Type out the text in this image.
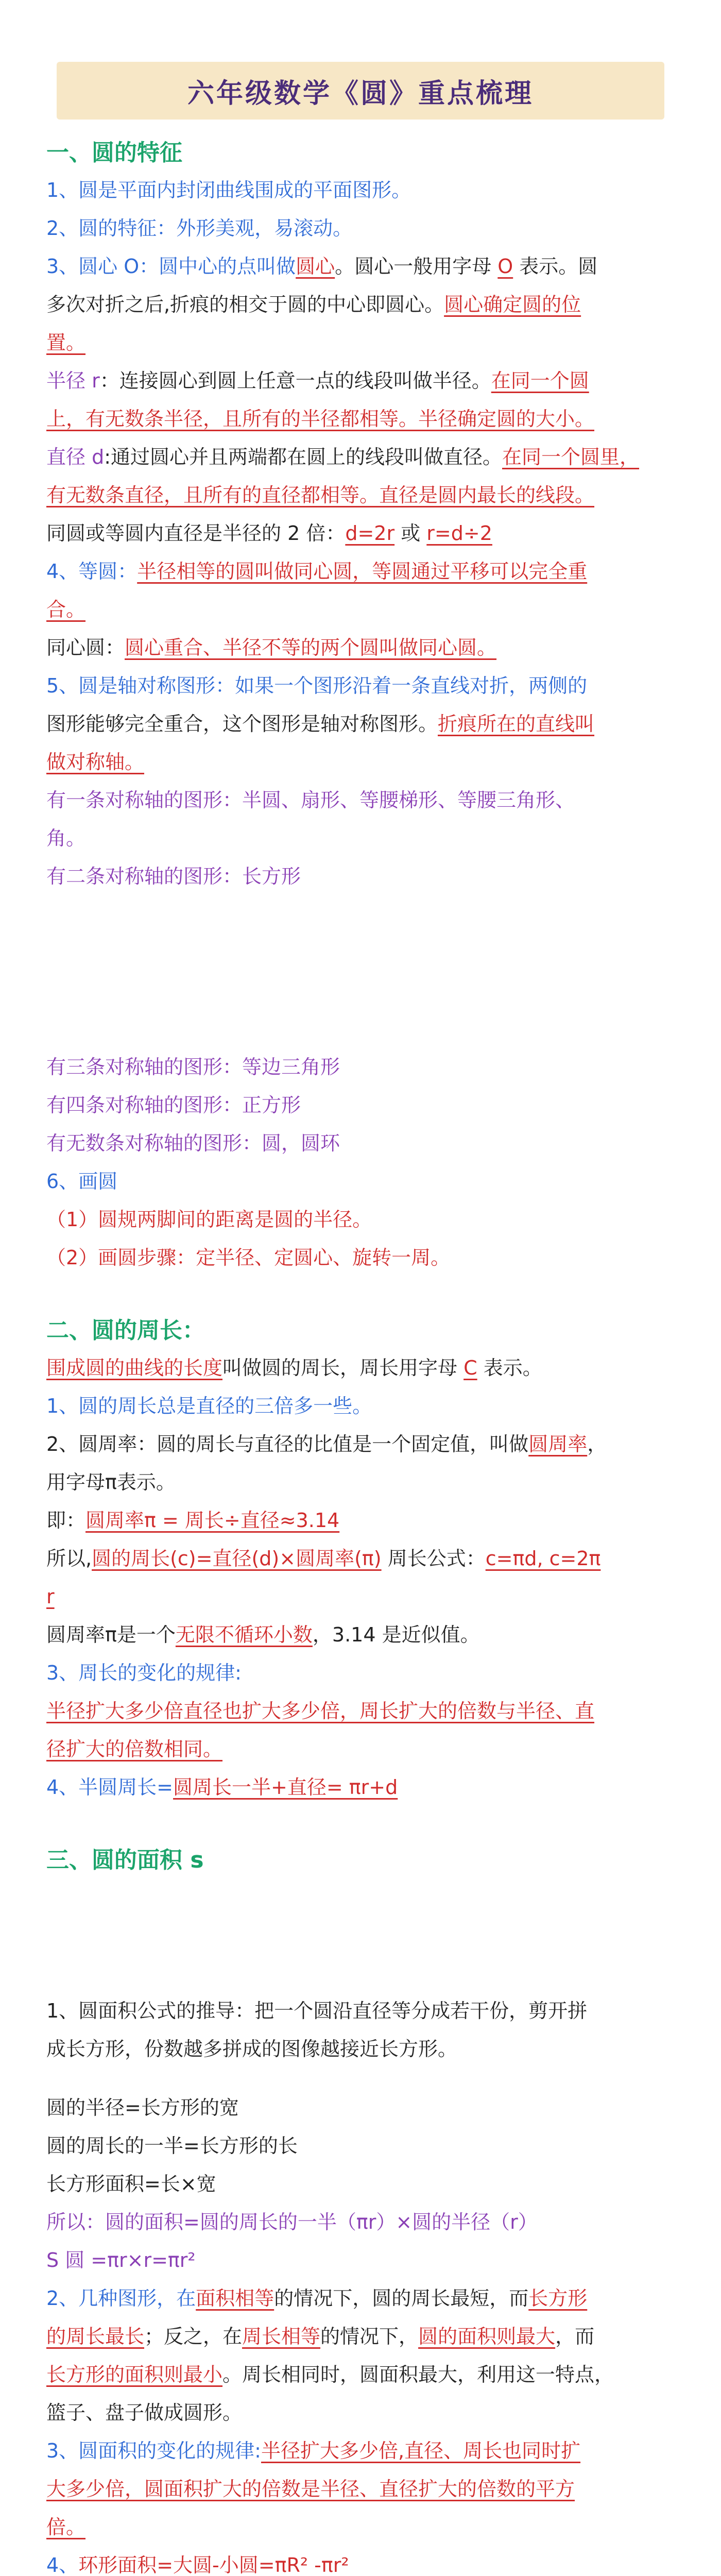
六年级数学《圆》重点梳理
一、圆的特征

1、圆是平面内封闭曲线围成的平面图形。

2、圆的特征：外形美观，易滚动。

3、圆心 O：圆中心的点叫做圆心。圆心一般用字母 O 表示。圆

多次对折之后,折痕的相交于圆的中心即圆心。圆心确定圆的位

置。

半径 r：连接圆心到圆上任意一点的线段叫做半径。在同一个圆

上，有无数条半径，且所有的半径都相等。半径确定圆的大小。

直径 d:通过圆心并且两端都在圆上的线段叫做直径。在同一个圆里，

有无数条直径，且所有的直径都相等。直径是圆内最长的线段。

同圆或等圆内直径是半径的 2 倍：d=2r 或 r=d÷2

4、等圆：半径相等的圆叫做同心圆，等圆通过平移可以完全重

合。

同心圆：圆心重合、半径不等的两个圆叫做同心圆。

5、圆是轴对称图形：如果一个图形沿着一条直线对折，两侧的

图形能够完全重合，这个图形是轴对称图形。折痕所在的直线叫

做对称轴。

有一条对称轴的图形：半圆、扇形、等腰梯形、等腰三角形、

角。

有二条对称轴的图形：长方形

有三条对称轴的图形：等边三角形

有四条对称轴的图形：正方形

有无数条对称轴的图形：圆，圆环

6、画圆

（1）圆规两脚间的距离是圆的半径。

（2）画圆步骤：定半径、定圆心、旋转一周。

二、圆的周长：

围成圆的曲线的长度叫做圆的周长，周长用字母 C 表示。

1、圆的周长总是直径的三倍多一些。

2、圆周率：圆的周长与直径的比值是一个固定值，叫做圆周率，

用字母π表示。

即：圆周率π = 周长÷直径≈3.14

所以,圆的周长(c)=直径(d)×圆周率(π) 周长公式：c=πd, c=2π

r

圆周率π是一个无限不循环小数，3.14 是近似值。

3、周长的变化的规律:

半径扩大多少倍直径也扩大多少倍，周长扩大的倍数与半径、直

径扩大的倍数相同。

4、半圆周长=圆周长一半+直径= πr+d

三、圆的面积 s

1、圆面积公式的推导：把一个圆沿直径等分成若干份，剪开拼

成长方形，份数越多拼成的图像越接近长方形。

圆的半径=长方形的宽

圆的周长的一半=长方形的长

长方形面积=长×宽

所以：圆的面积=圆的周长的一半（πr）×圆的半径（r）

S 圆 =πr×r=πr²

2、几种图形，在面积相等的情况下，圆的周长最短，而长方形

的周长最长；反之，在周长相等的情况下，圆的面积则最大，而

长方形的面积则最小。周长相同时，圆面积最大，利用这一特点，

篮子、盘子做成圆形。

3、圆面积的变化的规律:半径扩大多少倍,直径、周长也同时扩

大多少倍，圆面积扩大的倍数是半径、直径扩大的倍数的平方

倍。

4、环形面积=大圆-小圆=πR² -πr²
